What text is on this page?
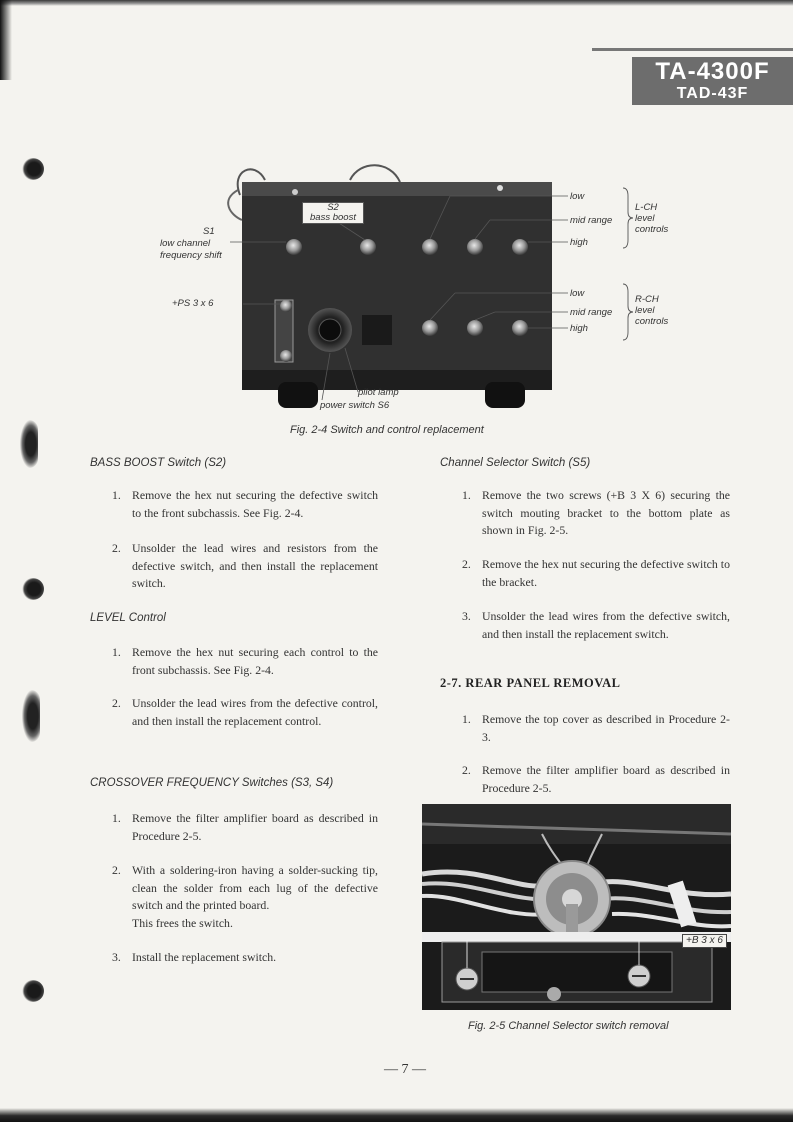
TA-4300F
TAD-43F
S2
bass boost
S1
low channel
frequency shift
+PS 3 x 6
pilot lamp
power switch S6
low
mid range
high
L-CH
level
controls
low
mid range
high
R-CH
level
controls
Fig. 2-4 Switch and control replacement
BASS BOOST Switch (S2)
1. Remove the hex nut securing the defective switch to the front subchassis. See Fig. 2-4.
2. Unsolder the lead wires and resistors from the defective switch, and then install the replacement switch.
LEVEL Control
1. Remove the hex nut securing each control to the front subchassis. See Fig. 2-4.
2. Unsolder the lead wires from the defective control, and then install the replacement control.
CROSSOVER FREQUENCY Switches (S3, S4)
1. Remove the filter amplifier board as described in Procedure 2-5.
2. With a soldering-iron having a solder-sucking tip, clean the solder from each lug of the defective switch and the printed board.
This frees the switch.
3. Install the replacement switch.
Channel Selector Switch (S5)
1. Remove the two screws (+B 3 X 6) securing the switch mouting bracket to the bottom plate as shown in Fig. 2-5.
2. Remove the hex nut securing the defective switch to the bracket.
3. Unsolder the lead wires from the defective switch, and then install the replacement switch.
2-7. REAR PANEL REMOVAL
1. Remove the top cover as described in Procedure 2-3.
2. Remove the filter amplifier board as described in Procedure 2-5.
+B 3 x 6
Fig. 2-5 Channel Selector switch removal
— 7 —
